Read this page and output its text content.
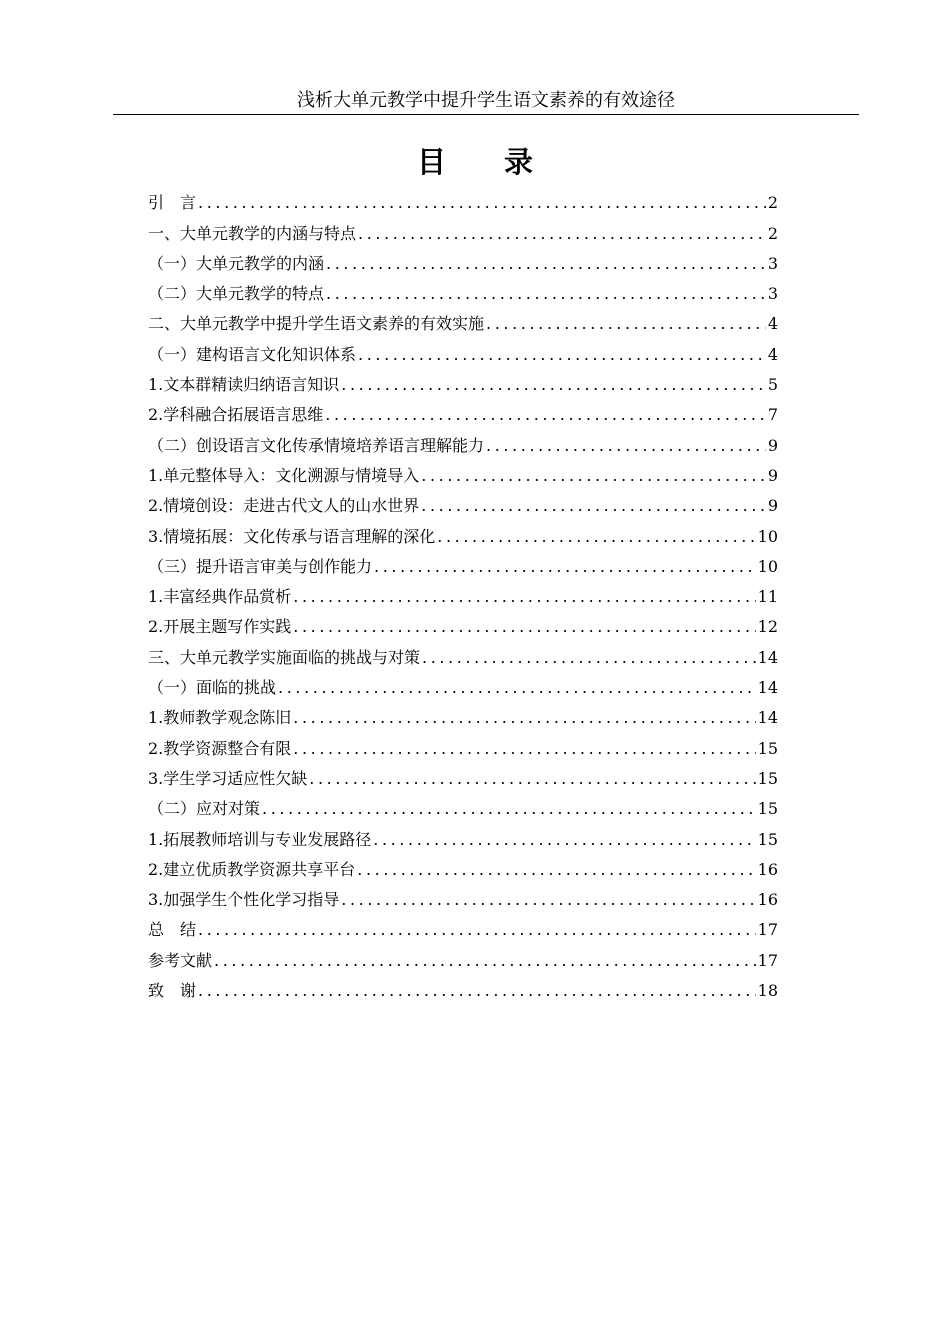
浅析大单元教学中提升学生语文素养的有效途径
目 录
引　言 .....	2
一、大单元教学的内涵与特点 .....	2
（一）大单元教学的内涵 .....	3
（二）大单元教学的特点 .....	3
二、大单元教学中提升学生语文素养的有效实施 .....	4
（一）建构语言文化知识体系 .....	4
1.文本群精读归纳语言知识 .....	5
2.学科融合拓展语言思维 .....	7
（二）创设语言文化传承情境培养语言理解能力 .....	9
1.单元整体导入：文化溯源与情境导入 .....	9
2.情境创设：走进古代文人的山水世界 .....	9
3.情境拓展：文化传承与语言理解的深化 .....	10
（三）提升语言审美与创作能力 .....	10
1.丰富经典作品赏析 .....	11
2.开展主题写作实践 .....	12
三、大单元教学实施面临的挑战与对策 .....	14
（一）面临的挑战 .....	14
1.教师教学观念陈旧 .....	14
2.教学资源整合有限 .....	15
3.学生学习适应性欠缺 .....	15
（二）应对对策 .....	15
1.拓展教师培训与专业发展路径 .....	15
2.建立优质教学资源共享平台 .....	16
3.加强学生个性化学习指导 .....	16
总　结 .....	17
参考文献 .....	17
致　谢 .....	18
